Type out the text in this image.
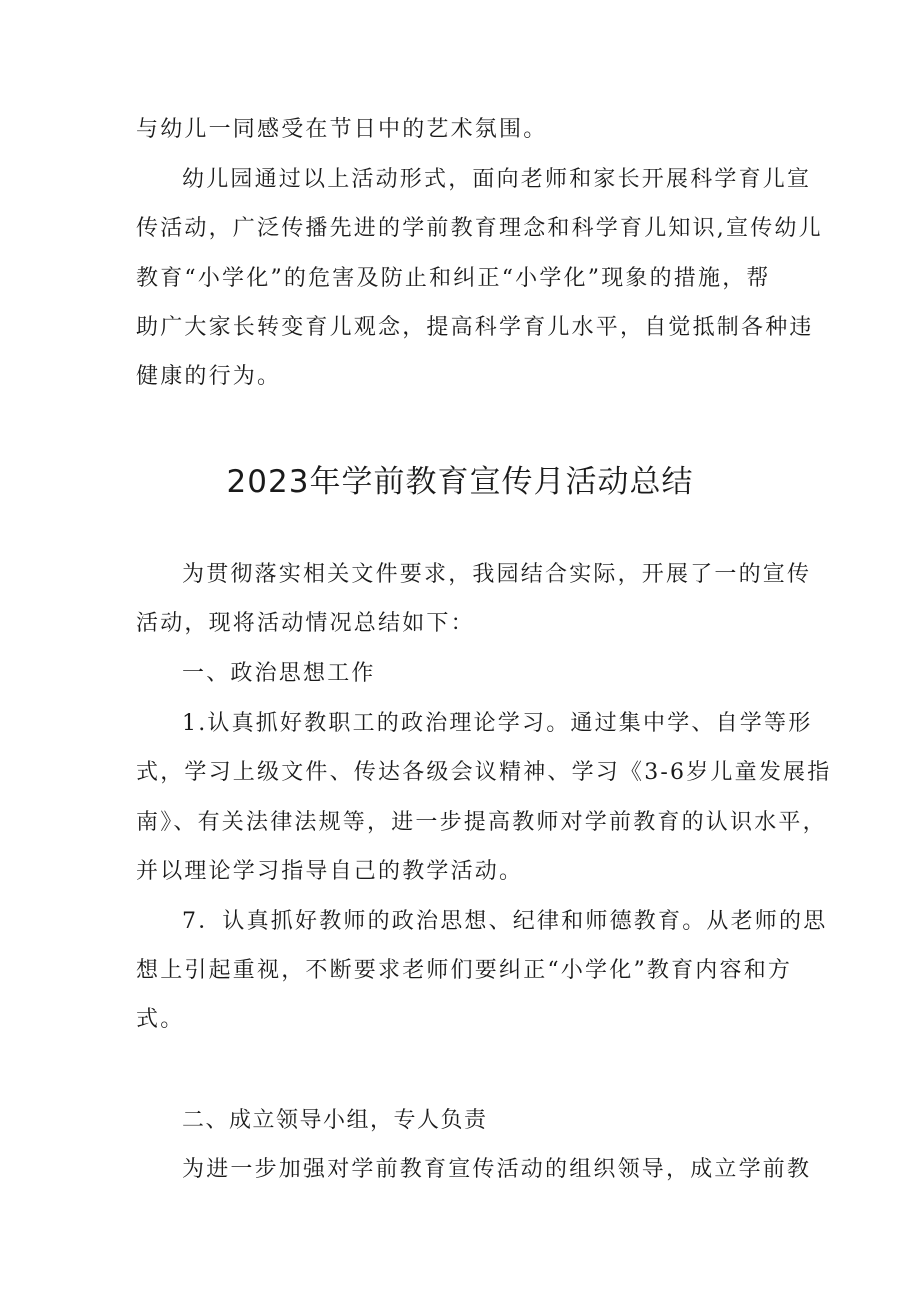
与幼儿一同感受在节日中的艺术氛围。
幼儿园通过以上活动形式，面向老师和家长开展科学育儿宣
传活动，广泛传播先进的学前教育理念和科学育儿知识,宣传幼儿
教育“小学化”的危害及防止和纠正“小学化”现象的措施，帮
助广大家长转变育儿观念，提高科学育儿水平，自觉抵制各种违
健康的行为。
2023年学前教育宣传月活动总结
为贯彻落实相关文件要求，我园结合实际，开展了一的宣传
活动，现将活动情况总结如下：
一、政治思想工作
1.认真抓好教职工的政治理论学习。通过集中学、自学等形
式，学习上级文件、传达各级会议精神、学习《3-6岁儿童发展指
南》、有关法律法规等，进一步提高教师对学前教育的认识水平，
并以理论学习指导自己的教学活动。
7．认真抓好教师的政治思想、纪律和师德教育。从老师的思
想上引起重视，不断要求老师们要纠正“小学化”教育内容和方
式。
二、成立领导小组，专人负责
为进一步加强对学前教育宣传活动的组织领导，成立学前教
